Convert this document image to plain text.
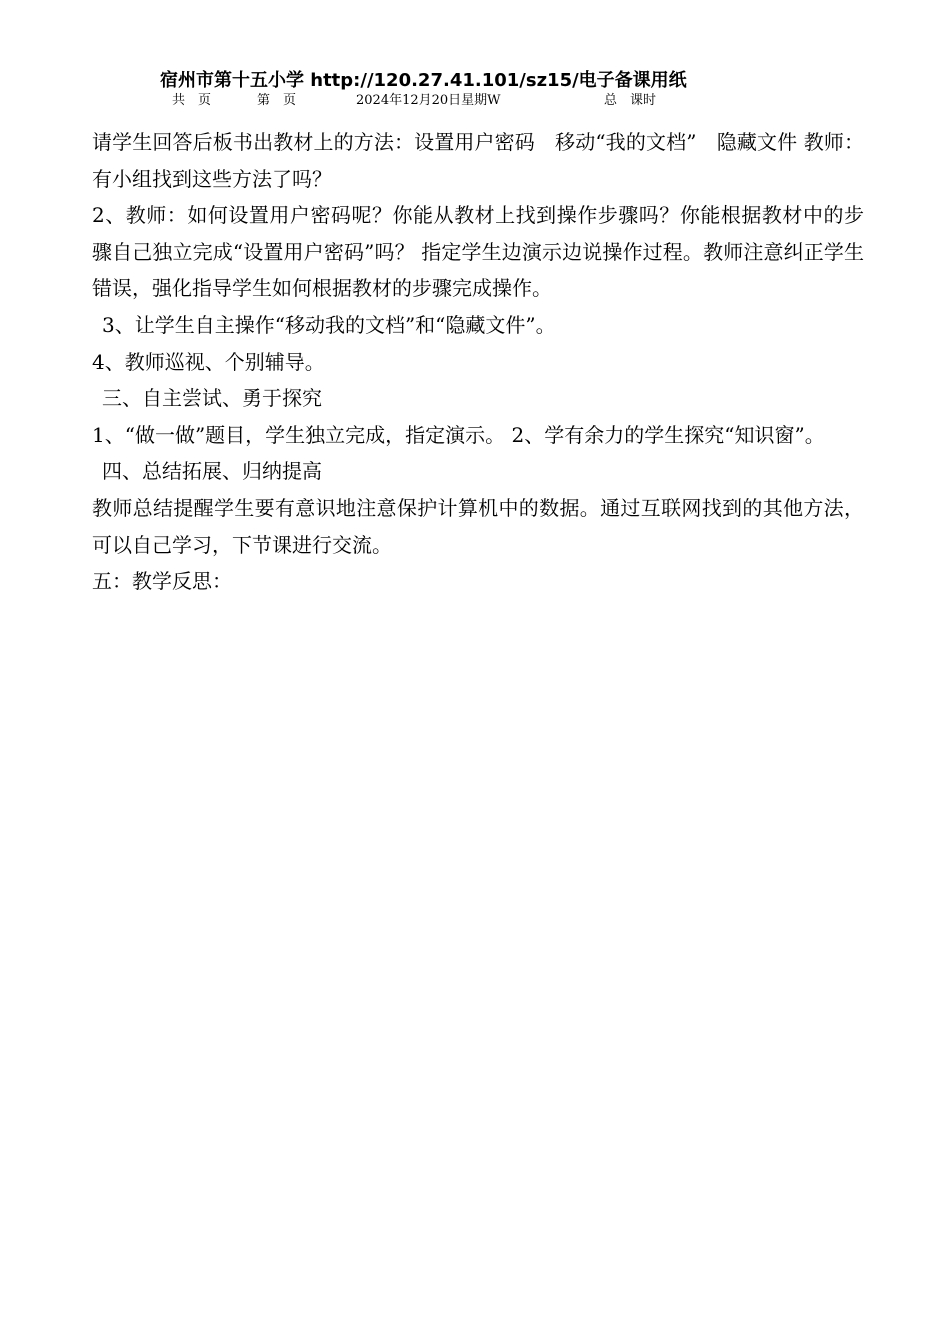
宿州市第十五小学 http://120.27.41.101/sz15/电子备课用纸
共　页	第　页	2024年12月20日星期W	总　课时

请学生回答后板书出教材上的方法：设置用户密码　移动“我的文档”　隐藏文件 教师：有小组找到这些方法了吗？

2、教师：如何设置用户密码呢？你能从教材上找到操作步骤吗？你能根据教材中的步骤自己独立完成“设置用户密码”吗？ 指定学生边演示边说操作过程。教师注意纠正学生错误，强化指导学生如何根据教材的步骤完成操作。

3、让学生自主操作“移动我的文档”和“隐藏文件”。

4、教师巡视、个别辅导。

三、自主尝试、勇于探究

1、“做一做”题目，学生独立完成，指定演示。 2、学有余力的学生探究“知识窗”。

四、总结拓展、归纳提高

教师总结提醒学生要有意识地注意保护计算机中的数据。通过互联网找到的其他方法，可以自己学习，下节课进行交流。

五：教学反思：
